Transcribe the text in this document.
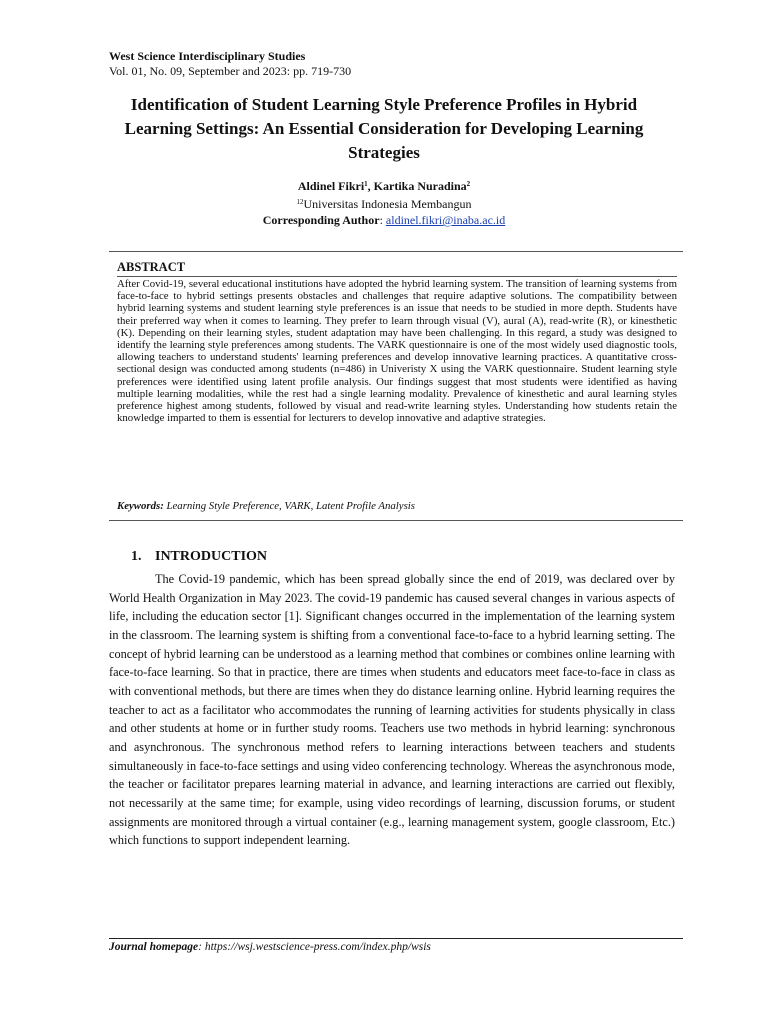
West Science Interdisciplinary Studies
Vol. 01, No. 09, September and 2023: pp. 719-730
Identification of Student Learning Style Preference Profiles in Hybrid Learning Settings: An Essential Consideration for Developing Learning Strategies
Aldinel Fikri$^1$, Kartika Nuradina$^2$
$^{12}$Universitas Indonesia Membangun
Corresponding Author: aldinel.fikri@inaba.ac.id
ABSTRACT
After Covid-19, several educational institutions have adopted the hybrid learning system. The transition of learning systems from face-to-face to hybrid settings presents obstacles and challenges that require adaptive solutions. The compatibility between hybrid learning systems and student learning style preferences is an issue that needs to be studied in more depth. Students have their preferred way when it comes to learning. They prefer to learn through visual (V), aural (A), read-write (R), or kinesthetic (K). Depending on their learning styles, student adaptation may have been challenging. In this regard, a study was designed to identify the learning style preferences among students. The VARK questionnaire is one of the most widely used diagnostic tools, allowing teachers to understand students' learning preferences and develop innovative learning practices. A quantitative cross-sectional design was conducted among students (n=486) in Univeristy X using the VARK questionnaire. Student learning style preferences were identified using latent profile analysis. Our findings suggest that most students were identified as having multiple learning modalities, while the rest had a single learning modality. Prevalence of kinesthetic and aural learning styles preference highest among students, followed by visual and read-write learning styles. Understanding how students retain the knowledge imparted to them is essential for lecturers to develop innovative and adaptive strategies.
Keywords: Learning Style Preference, VARK, Latent Profile Analysis
1. INTRODUCTION

The Covid-19 pandemic, which has been spread globally since the end of 2019, was declared over by World Health Organization in May 2023. The covid-19 pandemic has caused several changes in various aspects of life, including the education sector [1]. Significant changes occurred in the implementation of the learning system in the classroom. The learning system is shifting from a conventional face-to-face to a hybrid learning setting. The concept of hybrid learning can be understood as a learning method that combines or combines online learning with face-to-face learning. So that in practice, there are times when students and educators meet face-to-face in class as with conventional methods, but there are times when they do distance learning online. Hybrid learning requires the teacher to act as a facilitator who accommodates the running of learning activities for students physically in class and other students at home or in further study rooms. Teachers use two methods in hybrid learning: synchronous and asynchronous. The synchronous method refers to learning interactions between teachers and students simultaneously in face-to-face settings and using video conferencing technology. Whereas the asynchronous mode, the teacher or facilitator prepares learning material in advance, and learning interactions are carried out flexibly, not necessarily at the same time; for example, using video recordings of learning, discussion forums, or student assignments are monitored through a virtual container (e.g., learning management system, google classroom, Etc.) which functions to support independent learning.

Journal homepage: https://wsj.westscience-press.com/index.php/wsis
